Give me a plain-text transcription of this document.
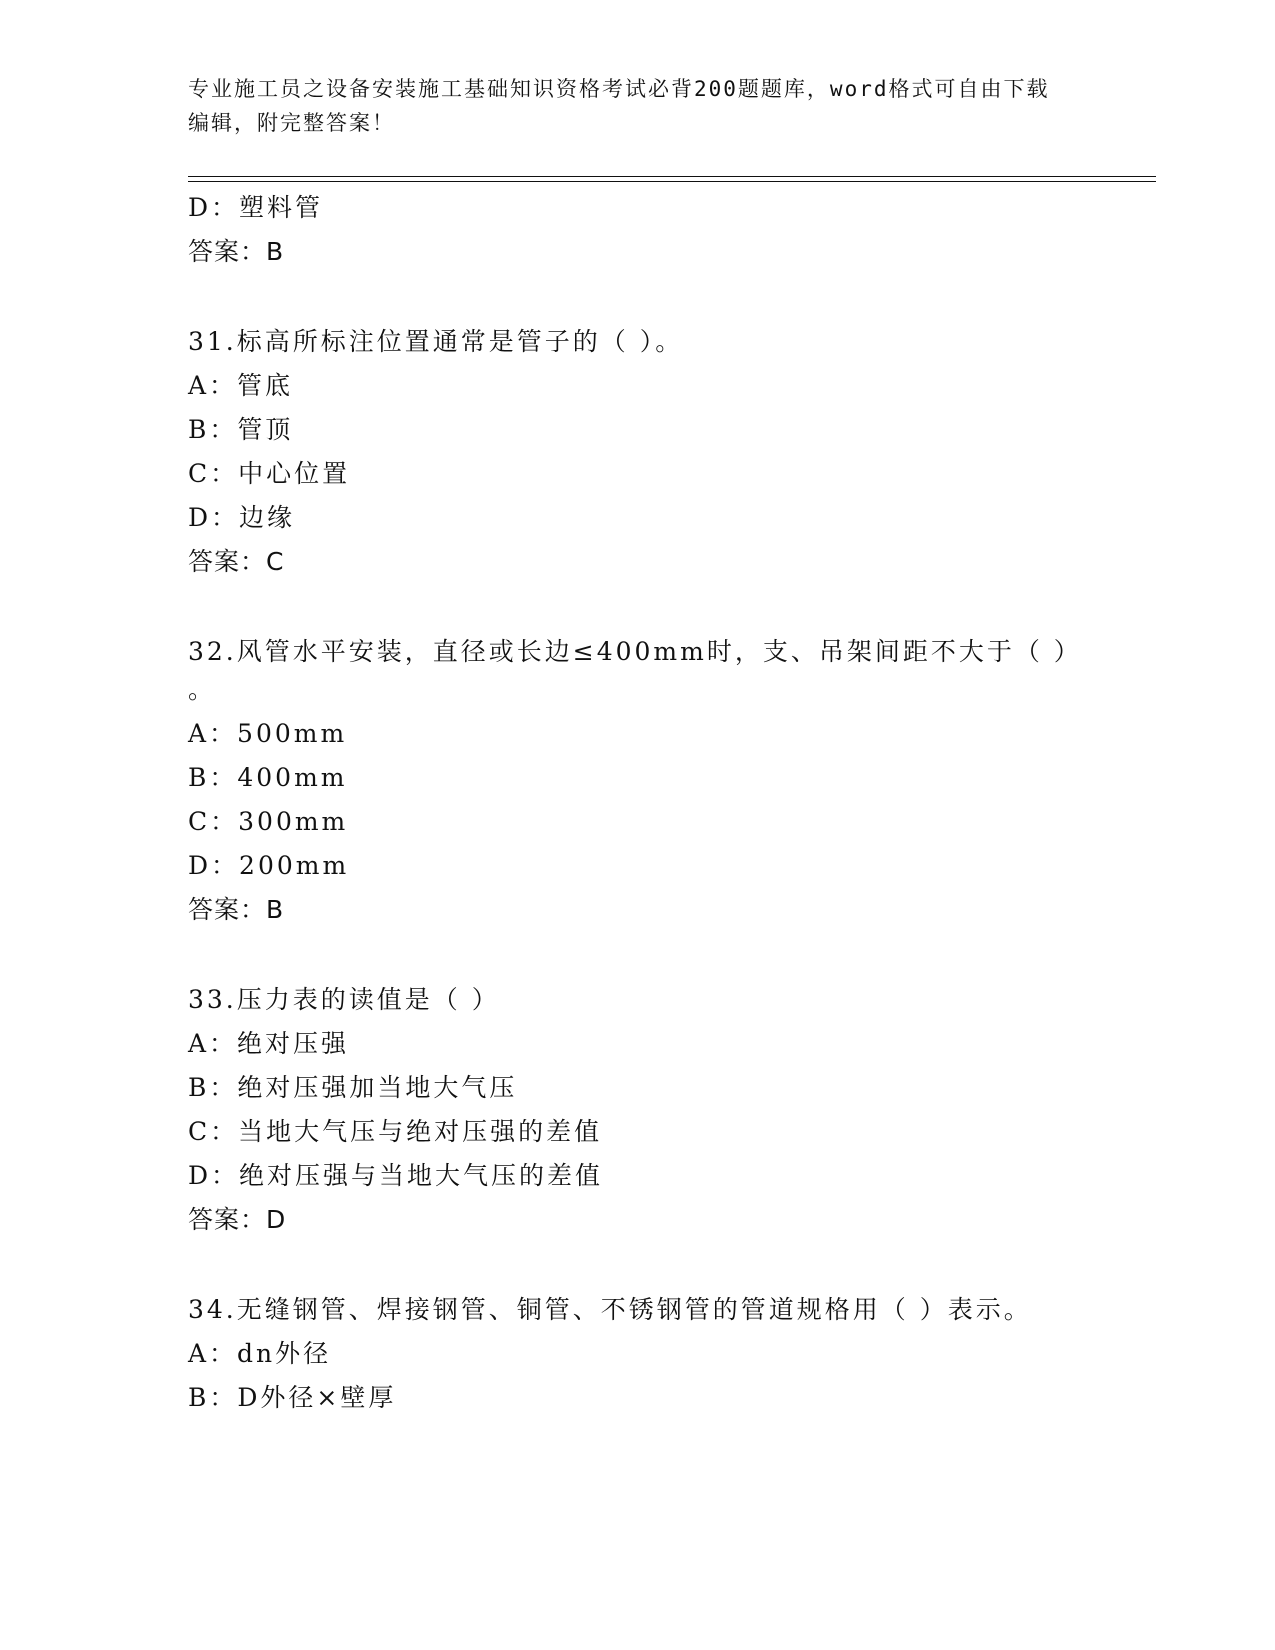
专业施工员之设备安装施工基础知识资格考试必背200题题库，word格式可自由下载编辑，附完整答案！
D：塑料管
答案：B
31.标高所标注位置通常是管子的（ ）。
A：管底
B：管顶
C：中心位置
D：边缘
答案：C
32.风管水平安装，直径或长边≤400mm时，支、吊架间距不大于（ ）
。
A：500mm
B：400mm
C：300mm
D：200mm
答案：B
33.压力表的读值是（ ）
A：绝对压强
B：绝对压强加当地大气压
C：当地大气压与绝对压强的差值
D：绝对压强与当地大气压的差值
答案：D
34.无缝钢管、焊接钢管、铜管、不锈钢管的管道规格用（ ）表示。
A：dn外径
B：D外径×壁厚
